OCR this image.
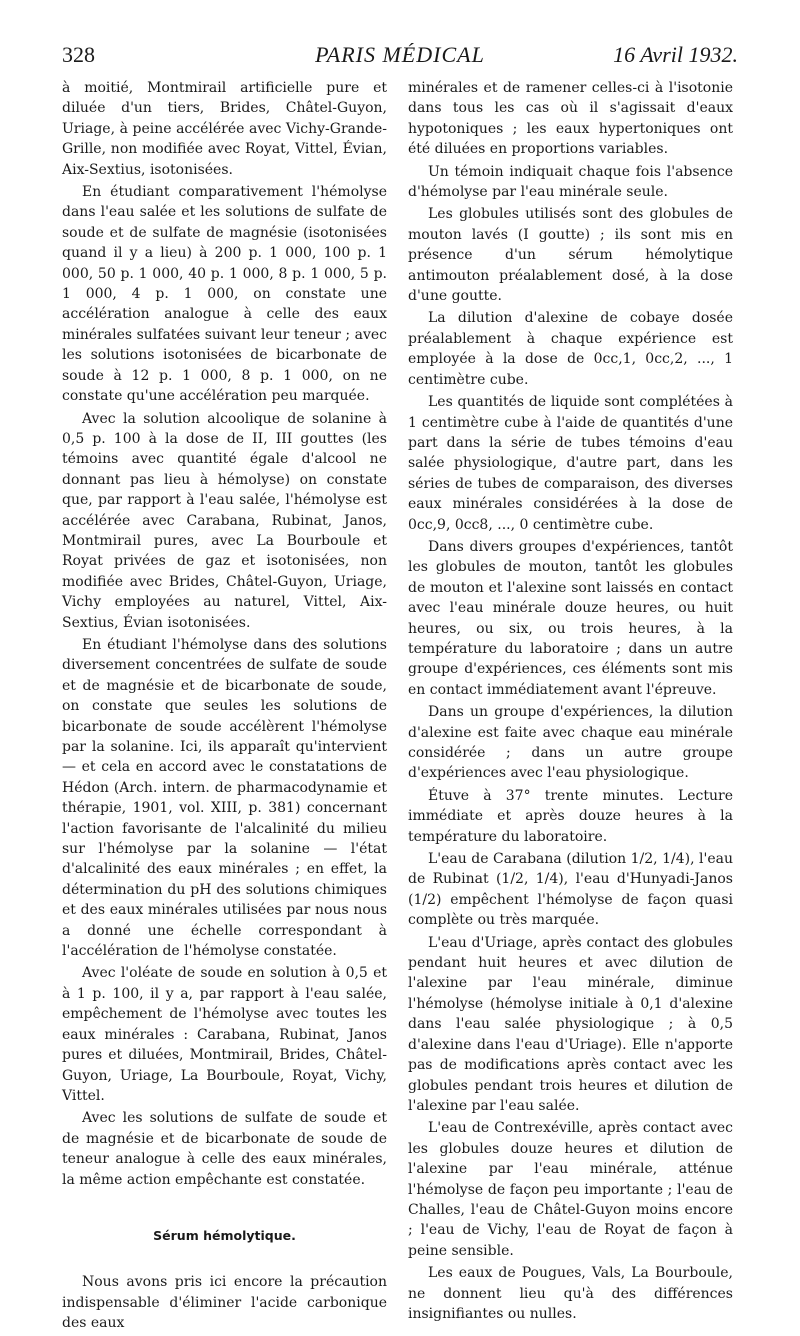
328	PARIS MÉDICAL	16 Avril 1932.

à moitié, Montmirail artificielle pure et diluée d'un tiers, Brides, Châtel-Guyon, Uriage, à peine accélérée avec Vichy-Grande-Grille, non modifiée avec Royat, Vittel, Évian, Aix-Sextius, isotonisées.

En étudiant comparativement l'hémolyse dans l'eau salée et les solutions de sulfate de soude et de sulfate de magnésie (isotonisées quand il y a lieu) à 200 p. 1 000, 100 p. 1 000, 50 p. 1 000, 40 p. 1 000, 8 p. 1 000, 5 p. 1 000, 4 p. 1 000, on constate une accélération analogue à celle des eaux minérales sulfatées suivant leur teneur ; avec les solutions isotonisées de bicarbonate de soude à 12 p. 1 000, 8 p. 1 000, on ne constate qu'une accélération peu marquée.

Avec la solution alcoolique de solanine à 0,5 p. 100 à la dose de II, III gouttes (les témoins avec quantité égale d'alcool ne donnant pas lieu à hémolyse) on constate que, par rapport à l'eau salée, l'hémolyse est accélérée avec Carabana, Rubinat, Janos, Montmirail pures, avec La Bourboule et Royat privées de gaz et isotonisées, non modifiée avec Brides, Châtel-Guyon, Uriage, Vichy employées au naturel, Vittel, Aix-Sextius, Évian isotonisées.

En étudiant l'hémolyse dans des solutions diversement concentrées de sulfate de soude et de magnésie et de bicarbonate de soude, on constate que seules les solutions de bicarbonate de soude accélèrent l'hémolyse par la solanine. Ici, ils apparaît qu'intervient — et cela en accord avec le constatations de Hédon (Arch. intern. de pharmacodynamie et thérapie, 1901, vol. XIII, p. 381) concernant l'action favorisante de l'alcalinité du milieu sur l'hémolyse par la solanine — l'état d'alcalinité des eaux minérales ; en effet, la détermination du pH des solutions chimiques et des eaux minérales utilisées par nous nous a donné une échelle correspondant à l'accélération de l'hémolyse constatée.

Avec l'oléate de soude en solution à 0,5 et à 1 p. 100, il y a, par rapport à l'eau salée, empêchement de l'hémolyse avec toutes les eaux minérales : Carabana, Rubinat, Janos pures et diluées, Montmirail, Brides, Châtel-Guyon, Uriage, La Bourboule, Royat, Vichy, Vittel.

Avec les solutions de sulfate de soude et de magnésie et de bicarbonate de soude de teneur analogue à celle des eaux minérales, la même action empêchante est constatée.

Sérum hémolytique.

Nous avons pris ici encore la précaution indispensable d'éliminer l'acide carbonique des eaux

minérales et de ramener celles-ci à l'isotonie dans tous les cas où il s'agissait d'eaux hypotoniques ; les eaux hypertoniques ont été diluées en proportions variables.

Un témoin indiquait chaque fois l'absence d'hémolyse par l'eau minérale seule.

Les globules utilisés sont des globules de mouton lavés (I goutte) ; ils sont mis en présence d'un sérum hémolytique antimouton préalablement dosé, à la dose d'une goutte.

La dilution d'alexine de cobaye dosée préalablement à chaque expérience est employée à la dose de 0cc,1, 0cc,2, ..., 1 centimètre cube.

Les quantités de liquide sont complétées à 1 centimètre cube à l'aide de quantités d'une part dans la série de tubes témoins d'eau salée physiologique, d'autre part, dans les séries de tubes de comparaison, des diverses eaux minérales considérées à la dose de 0cc,9, 0cc8, ..., 0 centimètre cube.

Dans divers groupes d'expériences, tantôt les globules de mouton, tantôt les globules de mouton et l'alexine sont laissés en contact avec l'eau minérale douze heures, ou huit heures, ou six, ou trois heures, à la température du laboratoire ; dans un autre groupe d'expériences, ces éléments sont mis en contact immédiatement avant l'épreuve.

Dans un groupe d'expériences, la dilution d'alexine est faite avec chaque eau minérale considérée ; dans un autre groupe d'expériences avec l'eau physiologique.

Étuve à 37° trente minutes. Lecture immédiate et après douze heures à la température du laboratoire.

L'eau de Carabana (dilution 1/2, 1/4), l'eau de Rubinat (1/2, 1/4), l'eau d'Hunyadi-Janos (1/2) empêchent l'hémolyse de façon quasi complète ou très marquée.

L'eau d'Uriage, après contact des globules pendant huit heures et avec dilution de l'alexine par l'eau minérale, diminue l'hémolyse (hémolyse initiale à 0,1 d'alexine dans l'eau salée physiologique ; à 0,5 d'alexine dans l'eau d'Uriage). Elle n'apporte pas de modifications après contact avec les globules pendant trois heures et dilution de l'alexine par l'eau salée.

L'eau de Contrexéville, après contact avec les globules douze heures et dilution de l'alexine par l'eau minérale, atténue l'hémolyse de façon peu importante ; l'eau de Challes, l'eau de Châtel-Guyon moins encore ; l'eau de Vichy, l'eau de Royat de façon à peine sensible.

Les eaux de Pougues, Vals, La Bourboule, ne donnent lieu qu'à des différences insignifiantes ou nulles.
